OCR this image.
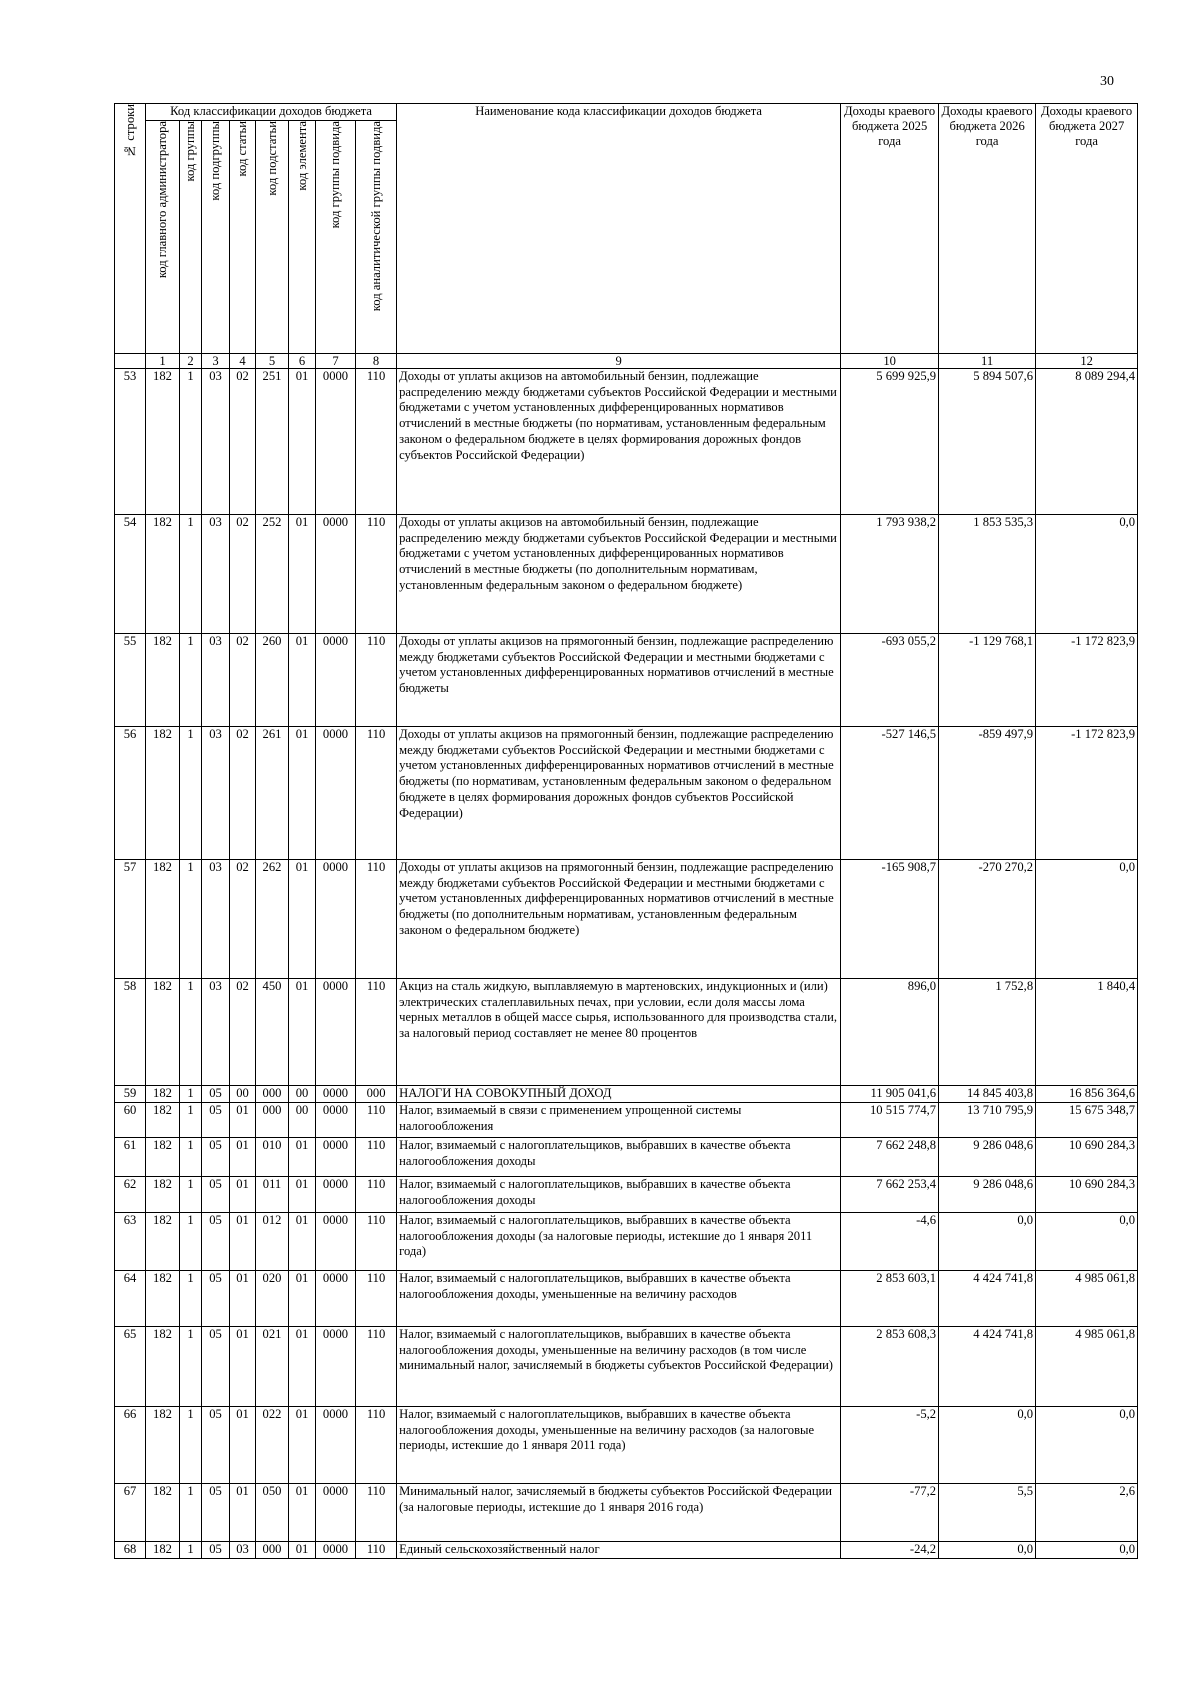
30
№ строки	Код классификации доходов бюджета								Наименование кода классификации доходов бюджета	Доходы краевого бюджета 2025 года	Доходы краевого бюджета 2026 года	Доходы краевого бюджета 2027 года
	код главного администратора	код группы	код подгруппы	код статьи	код подстатьи	код элемента	код группы подвида	код аналитической группы подвида				
	1	2	3	4	5	6	7	8	9	10	11	12
53	182	1	03	02	251	01	0000	110	Доходы от уплаты акцизов на автомобильный бензин, подлежащие распределению между бюджетами субъектов Российской Федерации и местными бюджетами с учетом установленных дифференцированных нормативов отчислений в местные бюджеты (по нормативам, установленным федеральным законом о федеральном бюджете в целях формирования дорожных фондов субъектов Российской Федерации)	5 699 925,9	5 894 507,6	8 089 294,4
54	182	1	03	02	252	01	0000	110	Доходы от уплаты акцизов на автомобильный бензин, подлежащие распределению между бюджетами субъектов Российской Федерации и местными бюджетами с учетом установленных дифференцированных нормативов отчислений в местные бюджеты (по дополнительным нормативам, установленным федеральным законом о федеральном бюджете)	1 793 938,2	1 853 535,3	0,0
55	182	1	03	02	260	01	0000	110	Доходы от уплаты акцизов на прямогонный бензин, подлежащие распределению между бюджетами субъектов Российской Федерации и местными бюджетами с учетом установленных дифференцированных нормативов отчислений в местные бюджеты	-693 055,2	-1 129 768,1	-1 172 823,9
56	182	1	03	02	261	01	0000	110	Доходы от уплаты акцизов на прямогонный бензин, подлежащие распределению между бюджетами субъектов Российской Федерации и местными бюджетами с учетом установленных дифференцированных нормативов отчислений в местные бюджеты (по нормативам, установленным федеральным законом о федеральном бюджете в целях формирования дорожных фондов субъектов Российской Федерации)	-527 146,5	-859 497,9	-1 172 823,9
57	182	1	03	02	262	01	0000	110	Доходы от уплаты акцизов на прямогонный бензин, подлежащие распределению между бюджетами субъектов Российской Федерации и местными бюджетами с учетом установленных дифференцированных нормативов отчислений в местные бюджеты (по дополнительным нормативам, установленным федеральным законом о федеральном бюджете)	-165 908,7	-270 270,2	0,0
58	182	1	03	02	450	01	0000	110	Акциз на сталь жидкую, выплавляемую в мартеновских, индукционных и (или) электрических сталеплавильных печах, при условии, если доля массы лома черных металлов в общей массе сырья, использованного для производства стали, за налоговый период составляет не менее 80 процентов	896,0	1 752,8	1 840,4
59	182	1	05	00	000	00	0000	000	НАЛОГИ НА СОВОКУПНЫЙ ДОХОД	11 905 041,6	14 845 403,8	16 856 364,6
60	182	1	05	01	000	00	0000	110	Налог, взимаемый в связи с применением упрощенной системы налогообложения	10 515 774,7	13 710 795,9	15 675 348,7
61	182	1	05	01	010	01	0000	110	Налог, взимаемый с налогоплательщиков, выбравших в качестве объекта налогообложения доходы	7 662 248,8	9 286 048,6	10 690 284,3
62	182	1	05	01	011	01	0000	110	Налог, взимаемый с налогоплательщиков, выбравших в качестве объекта налогообложения доходы	7 662 253,4	9 286 048,6	10 690 284,3
63	182	1	05	01	012	01	0000	110	Налог, взимаемый с налогоплательщиков, выбравших в качестве объекта налогообложения доходы (за налоговые периоды, истекшие до 1 января 2011 года)	-4,6	0,0	0,0
64	182	1	05	01	020	01	0000	110	Налог, взимаемый с налогоплательщиков, выбравших в качестве объекта налогообложения доходы, уменьшенные на величину расходов	2 853 603,1	4 424 741,8	4 985 061,8
65	182	1	05	01	021	01	0000	110	Налог, взимаемый с налогоплательщиков, выбравших в качестве объекта налогообложения доходы, уменьшенные на величину расходов (в том числе минимальный налог, зачисляемый в бюджеты субъектов Российской Федерации)	2 853 608,3	4 424 741,8	4 985 061,8
66	182	1	05	01	022	01	0000	110	Налог, взимаемый с налогоплательщиков, выбравших в качестве объекта налогообложения доходы, уменьшенные на величину расходов (за налоговые периоды, истекшие до 1 января 2011 года)	-5,2	0,0	0,0
67	182	1	05	01	050	01	0000	110	Минимальный налог, зачисляемый в бюджеты субъектов Российской Федерации (за налоговые периоды, истекшие до 1 января 2016 года)	-77,2	5,5	2,6
68	182	1	05	03	000	01	0000	110	Единый сельскохозяйственный налог	-24,2	0,0	0,0
